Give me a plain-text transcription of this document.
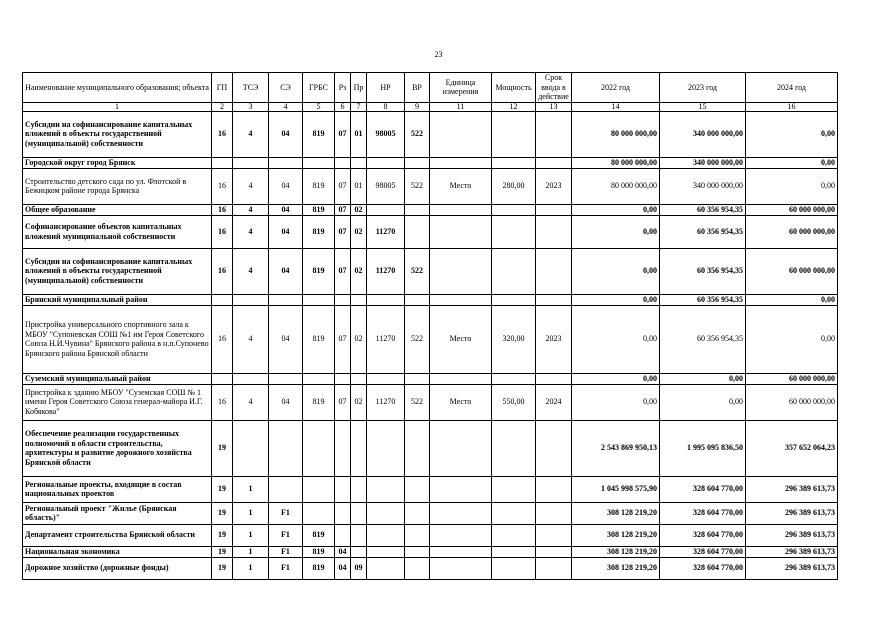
23
Наименование муниципального образования; объекта	ГП	ТСЭ	СЭ	ГРБС	Рз	Пр	НР	ВР	Единица измерения	Мощность	Срок ввода в действие	2022 год	2023 год	2024 год
1	2	3	4	5	6	7	8	9	11	12	13	14	15	16
Субсидии на софинансирование капитальных вложений в объекты государственной (муниципальной) собственности	16	4	04	819	07	01	98005	522				80 000 000,00	340 000 000,00	0,00
Городской округ город Брянск												80 000 000,00	340 000 000,00	0,00
Строительство детского сада по ул. Флотской в Бежицком районе города Брянска	16	4	04	819	07	01	98005	522	Место	280,00	2023	80 000 000,00	340 000 000,00	0,00
Общее образование	16	4	04	819	07	02						0,00	60 356 954,35	60 000 000,00
Софинансирование объектов капитальных вложений муниципальной собственности	16	4	04	819	07	02	11270					0,00	60 356 954,35	60 000 000,00
Субсидии на софинансирование капитальных вложений в объекты государственной (муниципальной) собственности	16	4	04	819	07	02	11270	522				0,00	60 356 954,35	60 000 000,00
Брянский муниципальный район												0,00	60 356 954,35	0,00
Пристройка универсального спортивного зала к МБОУ "Супоневская СОШ №1 им Героя Советского Союза Н.И.Чувина" Брянского района в н.п.Супонево Брянского района Брянской области	16	4	04	819	07	02	11270	522	Место	320,00	2023	0,00	60 356 954,35	0,00
Суземский муниципальный район												0,00	0,00	60 000 000,00
Пристройка к зданию МБОУ "Суземская СОШ № 1 имени Героя Советского Союза генерал-майора И.Г. Кобякова"	16	4	04	819	07	02	11270	522	Место	550,00	2024	0,00	0,00	60 000 000,00
Обеспечение реализации государственных полномочий в области строительства, архитектуры и развитие дорожного хозяйства Брянской области	19											2 543 869 950,13	1 995 095 836,50	357 652 064,23
Региональные проекты, входящие в состав национальных проектов	19	1										1 045 998 575,90	328 604 770,00	296 389 613,73
Региональный проект "Жилье (Брянская область)"	19	1	F1									308 128 219,20	328 604 770,00	296 389 613,73
Департамент строительства Брянской области	19	1	F1	819								308 128 219,20	328 604 770,00	296 389 613,73
Национальная экономика	19	1	F1	819	04							308 128 219,20	328 604 770,00	296 389 613,73
Дорожное хозяйство (дорожные фонды)	19	1	F1	819	04	09						308 128 219,20	328 604 770,00	296 389 613,73
